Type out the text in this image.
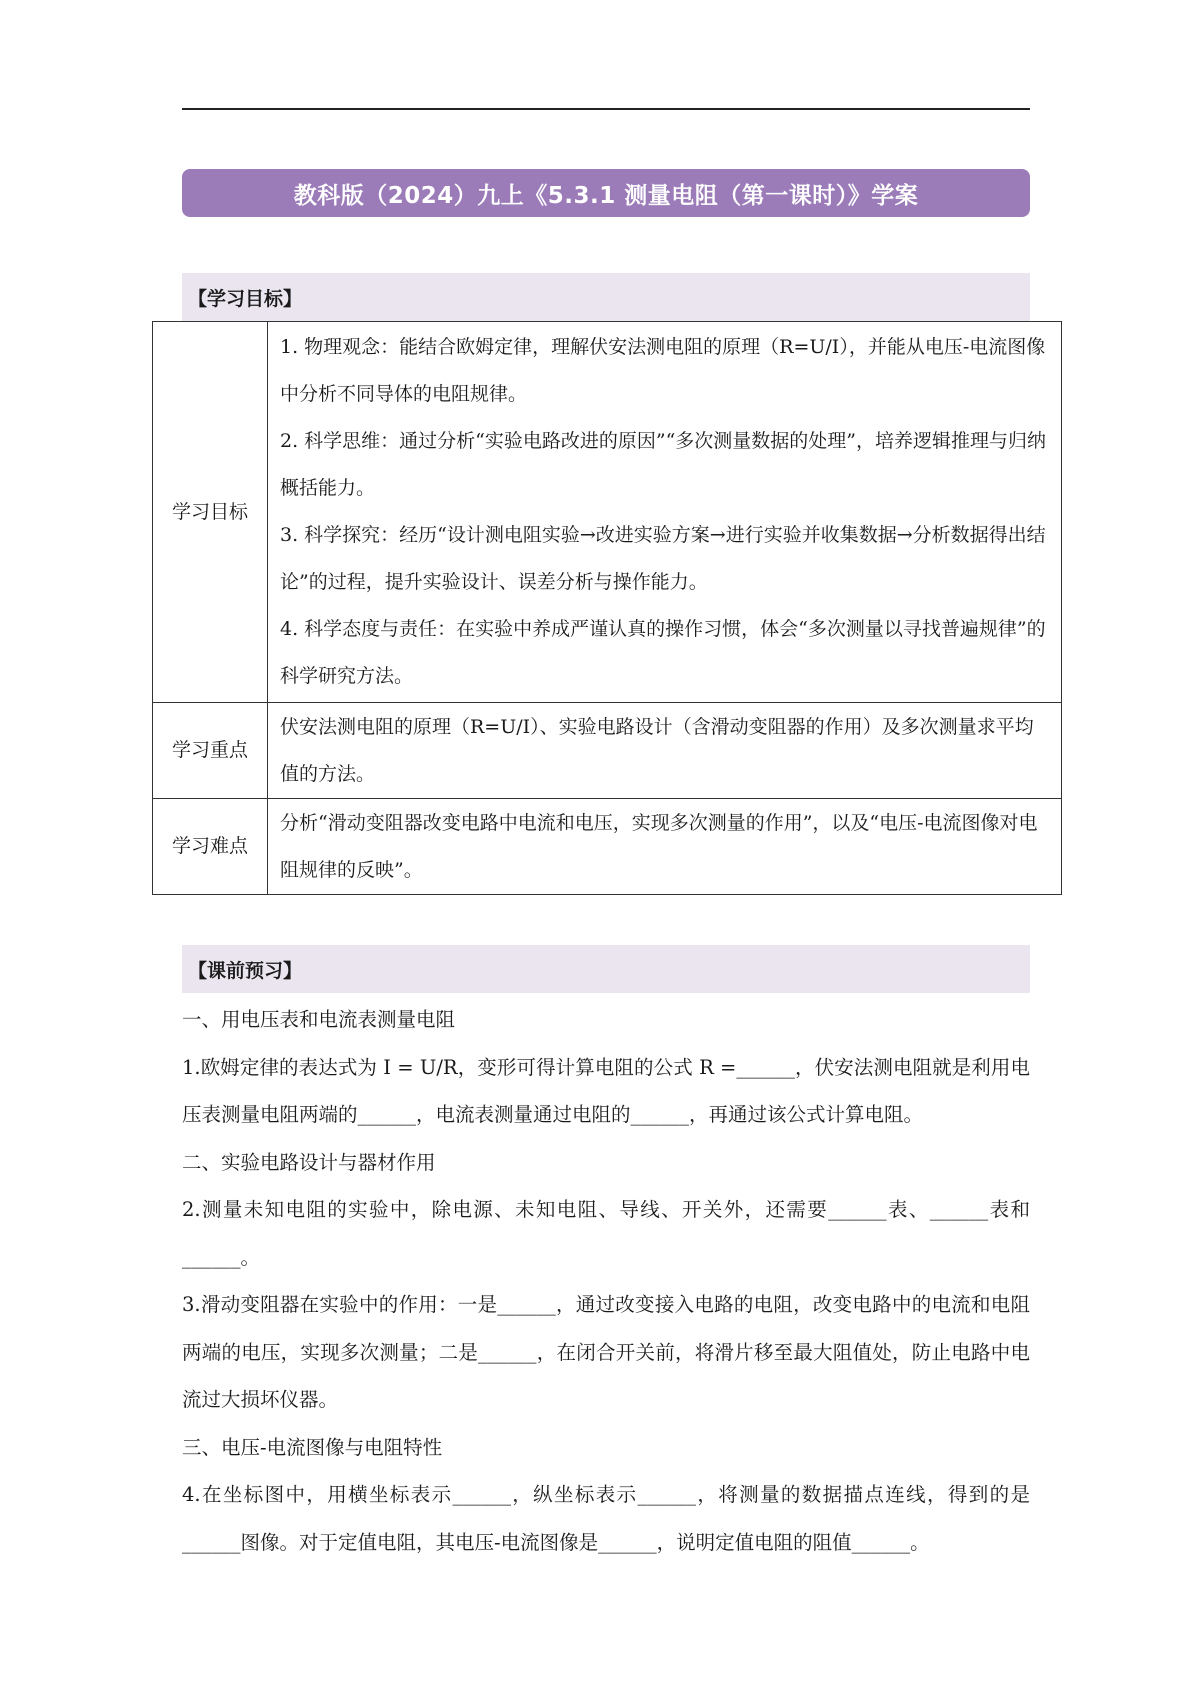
教科版（2024）九上《5.3.1 测量电阻（第一课时）》学案
【学习目标】
学习目标	1. 物理观念：能结合欧姆定律，理解伏安法测电阻的原理（R=U/I），并能从电压-电流图像中分析不同导体的电阻规律。

2. 科学思维：通过分析“实验电路改进的原因”“多次测量数据的处理”，培养逻辑推理与归纳概括能力。

3. 科学探究：经历“设计测电阻实验→改进实验方案→进行实验并收集数据→分析数据得出结论”的过程，提升实验设计、误差分析与操作能力。

4. 科学态度与责任：在实验中养成严谨认真的操作习惯，体会“多次测量以寻找普遍规律”的科学研究方法。

学习重点	伏安法测电阻的原理（R=U/I）、实验电路设计（含滑动变阻器的作用）及多次测量求平均值的方法。

学习难点	分析“滑动变阻器改变电路中电流和电压，实现多次测量的作用”，以及“电压-电流图像对电阻规律的反映”。

【课前预习】

一、用电压表和电流表测量电阻

1.欧姆定律的表达式为 I = U/R，变形可得计算电阻的公式 R =______，伏安法测电阻就是利用电压表测量电阻两端的______，电流表测量通过电阻的______，再通过该公式计算电阻。

二、实验电路设计与器材作用

2.测量未知电阻的实验中，除电源、未知电阻、导线、开关外，还需要______表、______表和______。

3.滑动变阻器在实验中的作用：一是______，通过改变接入电路的电阻，改变电路中的电流和电阻两端的电压，实现多次测量；二是______，在闭合开关前，将滑片移至最大阻值处，防止电路中电流过大损坏仪器。

三、电压-电流图像与电阻特性

4.在坐标图中，用横坐标表示______，纵坐标表示______，将测量的数据描点连线，得到的是______图像。对于定值电阻，其电压-电流图像是______，说明定值电阻的阻值______。
